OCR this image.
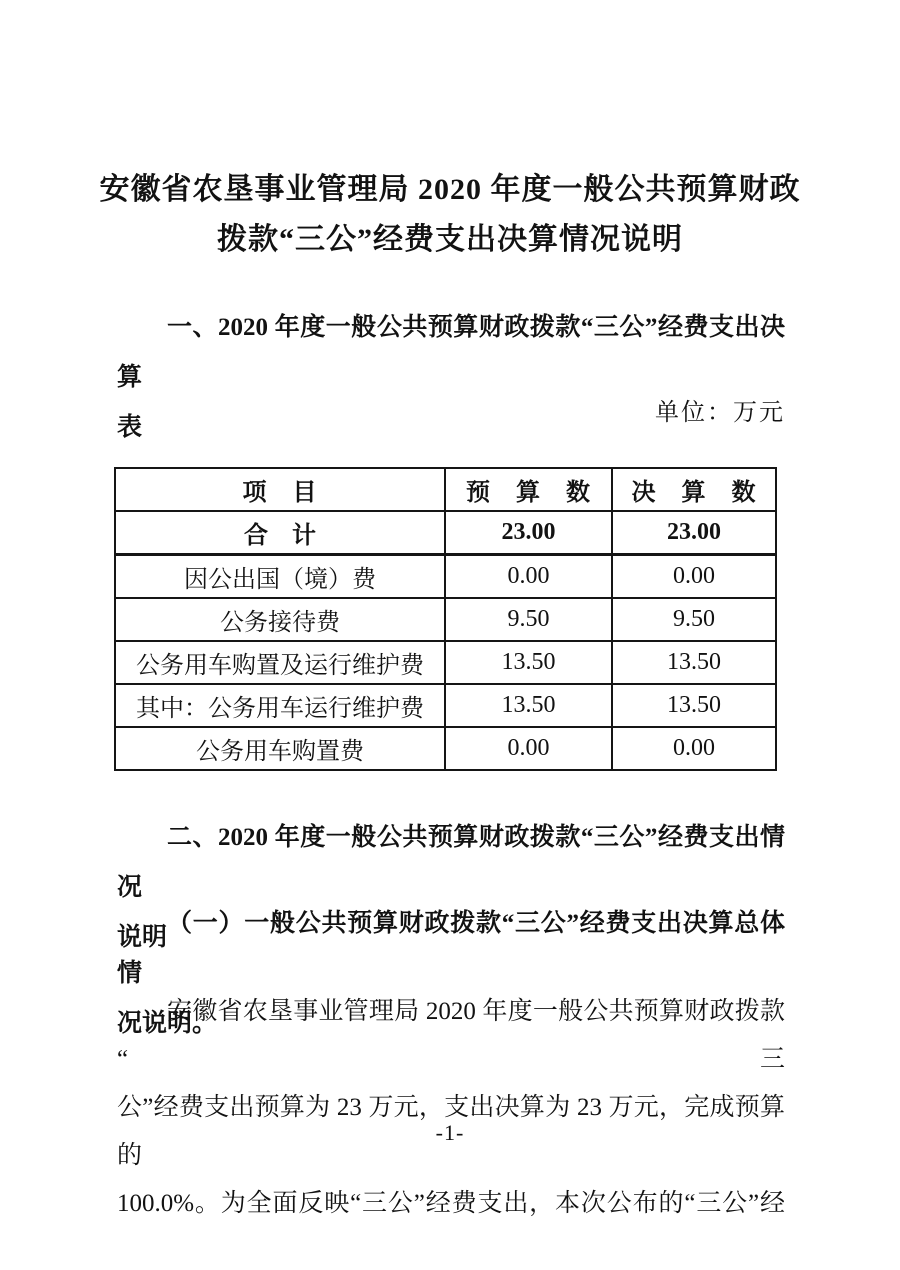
安徽省农垦事业管理局 2020 年度一般公共预算财政
拨款“三公”经费支出决算情况说明
一、2020 年度一般公共预算财政拨款“三公”经费支出决算
表
单位：万元
项　目	预　算　数	决　算　数
合　计	23.00	23.00
因公出国（境）费	0.00	0.00
公务接待费	9.50	9.50
公务用车购置及运行维护费	13.50	13.50
其中：公务用车运行维护费	13.50	13.50
公务用车购置费	0.00	0.00
二、2020 年度一般公共预算财政拨款“三公”经费支出情况
说明
（一）一般公共预算财政拨款“三公”经费支出决算总体情
况说明。
安徽省农垦事业管理局 2020 年度一般公共预算财政拨款“三
公”经费支出预算为 23 万元，支出决算为 23 万元，完成预算的
100.0%。为全面反映“三公”经费支出，本次公布的“三公”经
-1-
